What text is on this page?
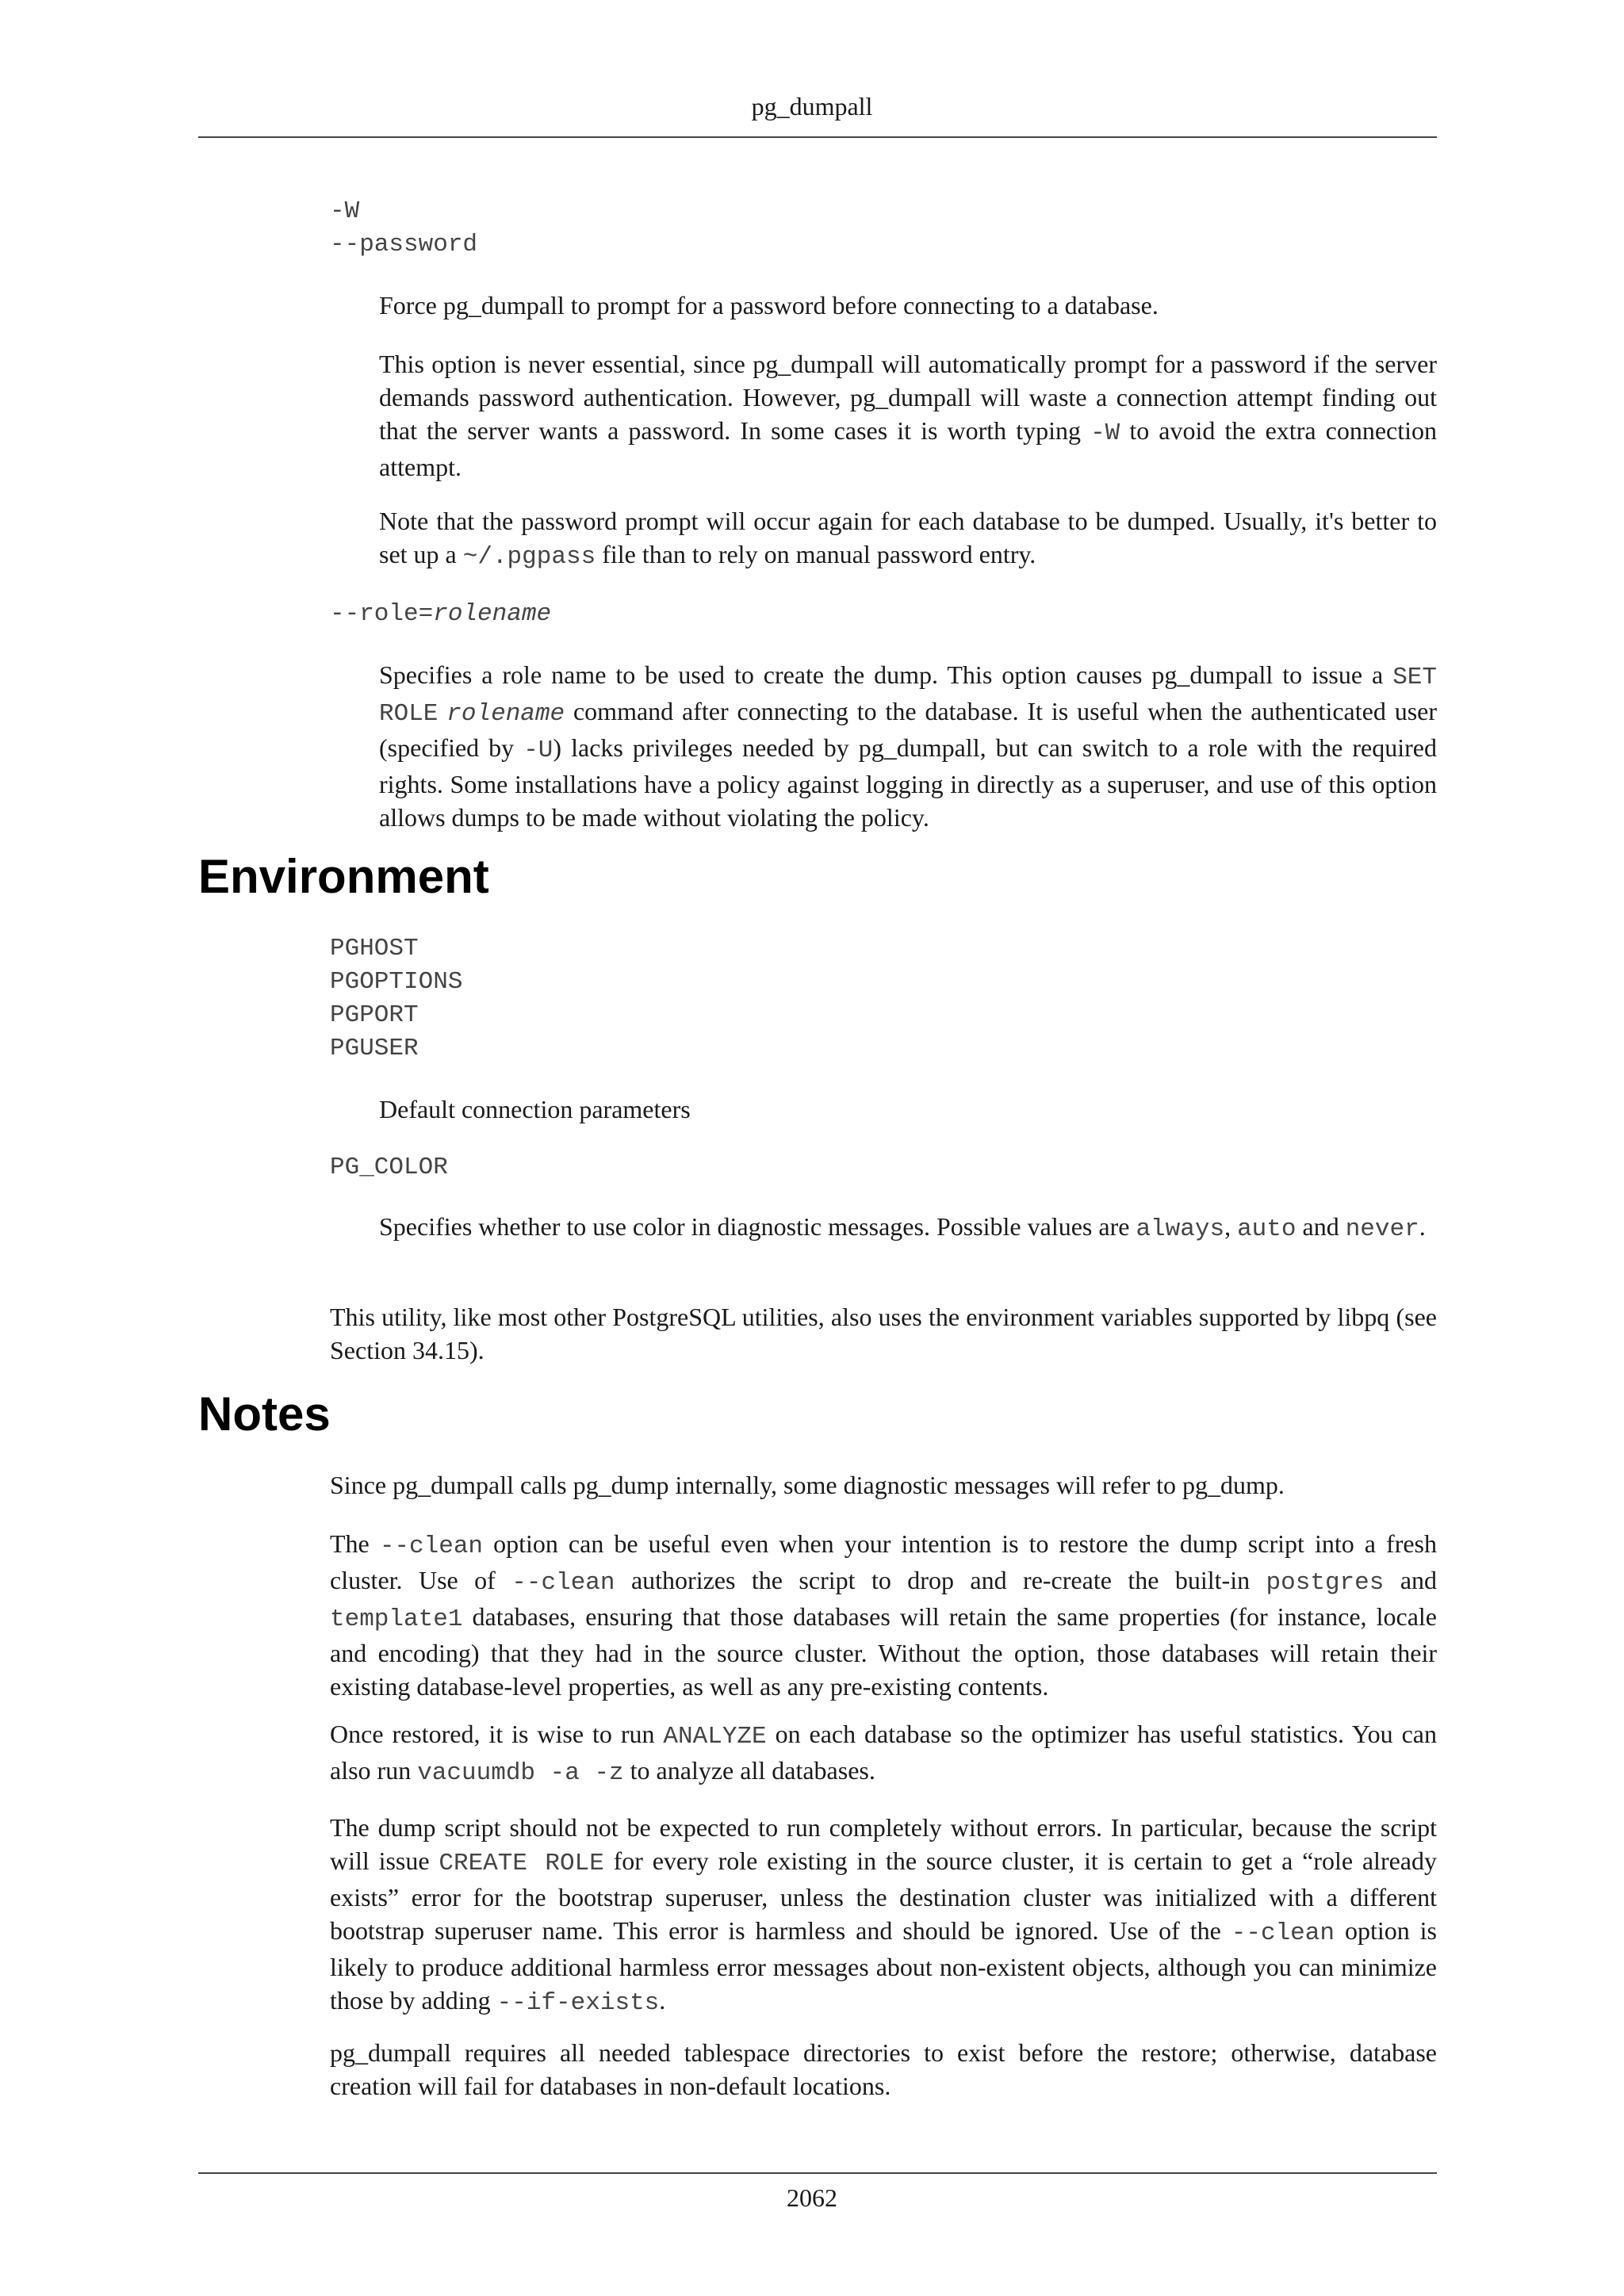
pg_dumpall
-W
--password

Force pg_dumpall to prompt for a password before connecting to a database.

This option is never essential, since pg_dumpall will automatically prompt for a password if the server demands password authentication. However, pg_dumpall will waste a connection attempt finding out that the server wants a password. In some cases it is worth typing -W to avoid the extra connection attempt.

Note that the password prompt will occur again for each database to be dumped. Usually, it's better to set up a ~/.pgpass file than to rely on manual password entry.

--role=rolename

Specifies a role name to be used to create the dump. This option causes pg_dumpall to issue a SET ROLE rolename command after connecting to the database. It is useful when the authenticated user (specified by -U) lacks privileges needed by pg_dumpall, but can switch to a role with the required rights. Some installations have a policy against logging in directly as a superuser, and use of this option allows dumps to be made without violating the policy.

Environment
PGHOST
PGOPTIONS
PGPORT
PGUSER

Default connection parameters

PG_COLOR

Specifies whether to use color in diagnostic messages. Possible values are always, auto and never.

This utility, like most other PostgreSQL utilities, also uses the environment variables supported by libpq (see Section 34.15).

Notes

Since pg_dumpall calls pg_dump internally, some diagnostic messages will refer to pg_dump.

The --clean option can be useful even when your intention is to restore the dump script into a fresh cluster. Use of --clean authorizes the script to drop and re-create the built-in postgres and template1 databases, ensuring that those databases will retain the same properties (for instance, locale and encoding) that they had in the source cluster. Without the option, those databases will retain their existing database-level properties, as well as any pre-existing contents.

Once restored, it is wise to run ANALYZE on each database so the optimizer has useful statistics. You can also run vacuumdb -a -z to analyze all databases.

The dump script should not be expected to run completely without errors. In particular, because the script will issue CREATE ROLE for every role existing in the source cluster, it is certain to get a “role already exists” error for the bootstrap superuser, unless the destination cluster was initialized with a different bootstrap superuser name. This error is harmless and should be ignored. Use of the --clean option is likely to produce additional harmless error messages about non-existent objects, although you can minimize those by adding --if-exists.

pg_dumpall requires all needed tablespace directories to exist before the restore; otherwise, database creation will fail for databases in non-default locations.

2062
